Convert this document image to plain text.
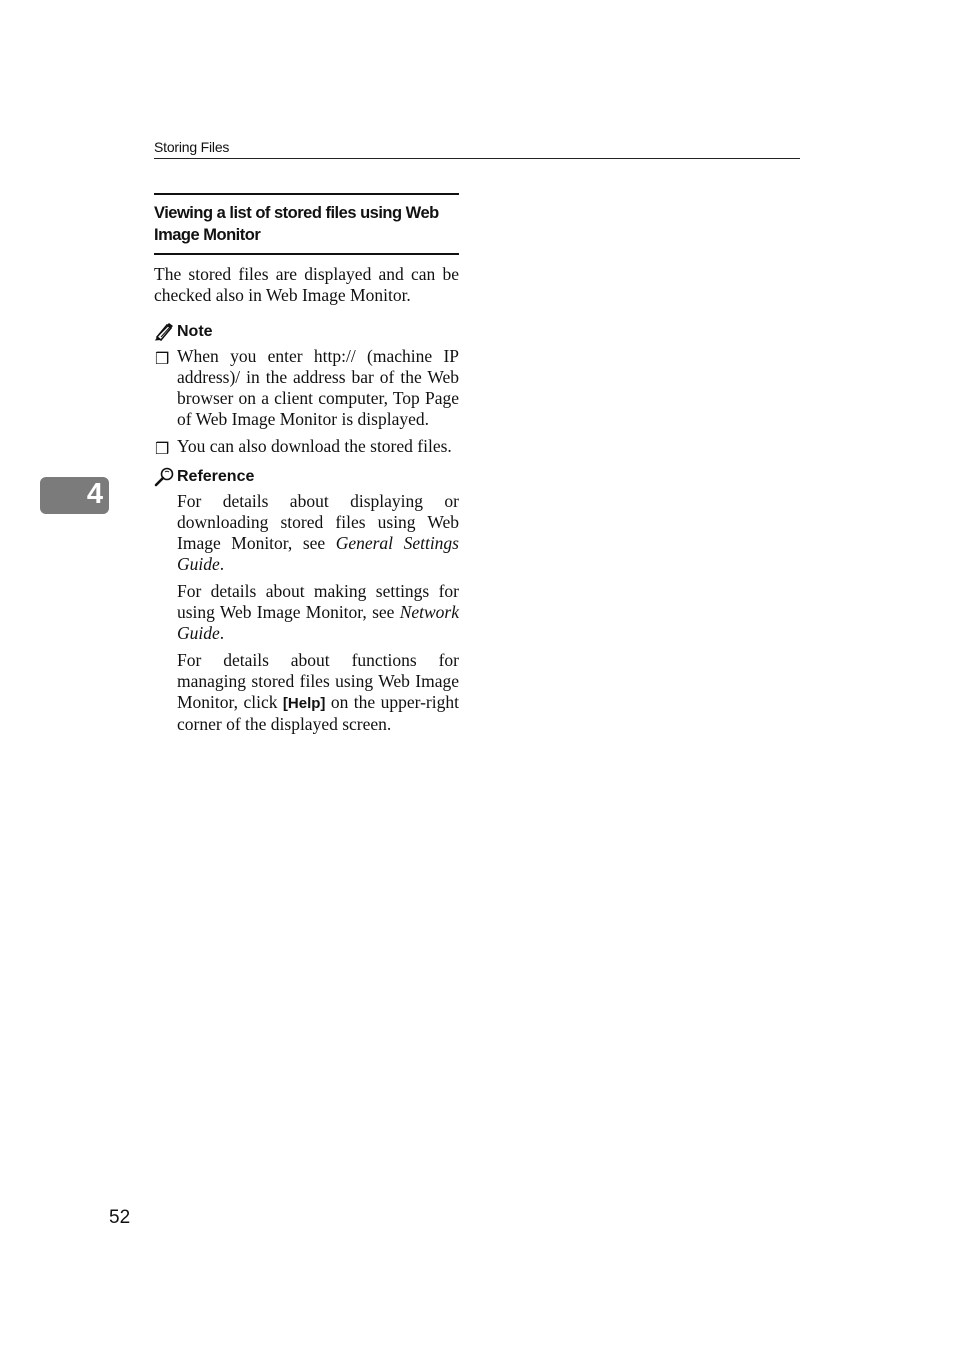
Storing Files
4
Viewing a list of stored files using Web Image Monitor

The stored files are displayed and can be checked also in Web Image Monitor.

Note
❒ When you enter http:// (machine IP address)/ in the address bar of the Web browser on a client computer, Top Page of Web Image Monitor is displayed.
❒ You can also download the stored files.
Reference

For details about displaying or downloading stored files using Web Image Monitor, see General Settings Guide.

For details about making settings for using Web Image Monitor, see Network Guide.

For details about functions for managing stored files using Web Image Monitor, click [Help] on the upper-right corner of the displayed screen.

52
